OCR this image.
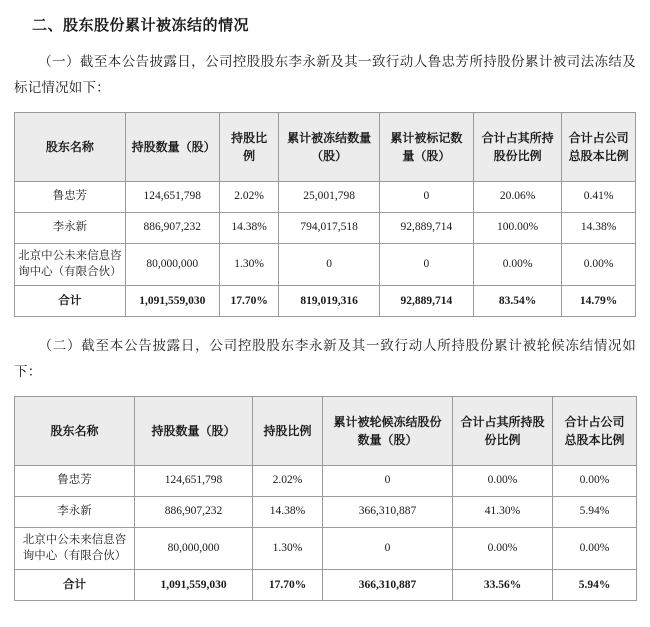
二、股东股份累计被冻结的情况

（一）截至本公告披露日，公司控股股东李永新及其一致行动人鲁忠芳所持股份累计被司法冻结及标记情况如下：

股东名称	持股数量（股）	持股比例	累计被冻结数量（股）	累计被标记数量（股）	合计占其所持股份比例	合计占公司总股本比例
鲁忠芳	124,651,798	2.02%	25,001,798	0	20.06%	0.41%
李永新	886,907,232	14.38%	794,017,518	92,889,714	100.00%	14.38%
北京中公未来信息咨询中心（有限合伙）	80,000,000	1.30%	0	0	0.00%	0.00%
合计	1,091,559,030	17.70%	819,019,316	92,889,714	83.54%	14.79%

（二）截至本公告披露日，公司控股股东李永新及其一致行动人所持股份累计被轮候冻结情况如下：

股东名称	持股数量（股）	持股比例	累计被轮候冻结股份数量（股）	合计占其所持股份比例	合计占公司总股本比例
鲁忠芳	124,651,798	2.02%	0	0.00%	0.00%
李永新	886,907,232	14.38%	366,310,887	41.30%	5.94%
北京中公未来信息咨询中心（有限合伙）	80,000,000	1.30%	0	0.00%	0.00%
合计	1,091,559,030	17.70%	366,310,887	33.56%	5.94%
